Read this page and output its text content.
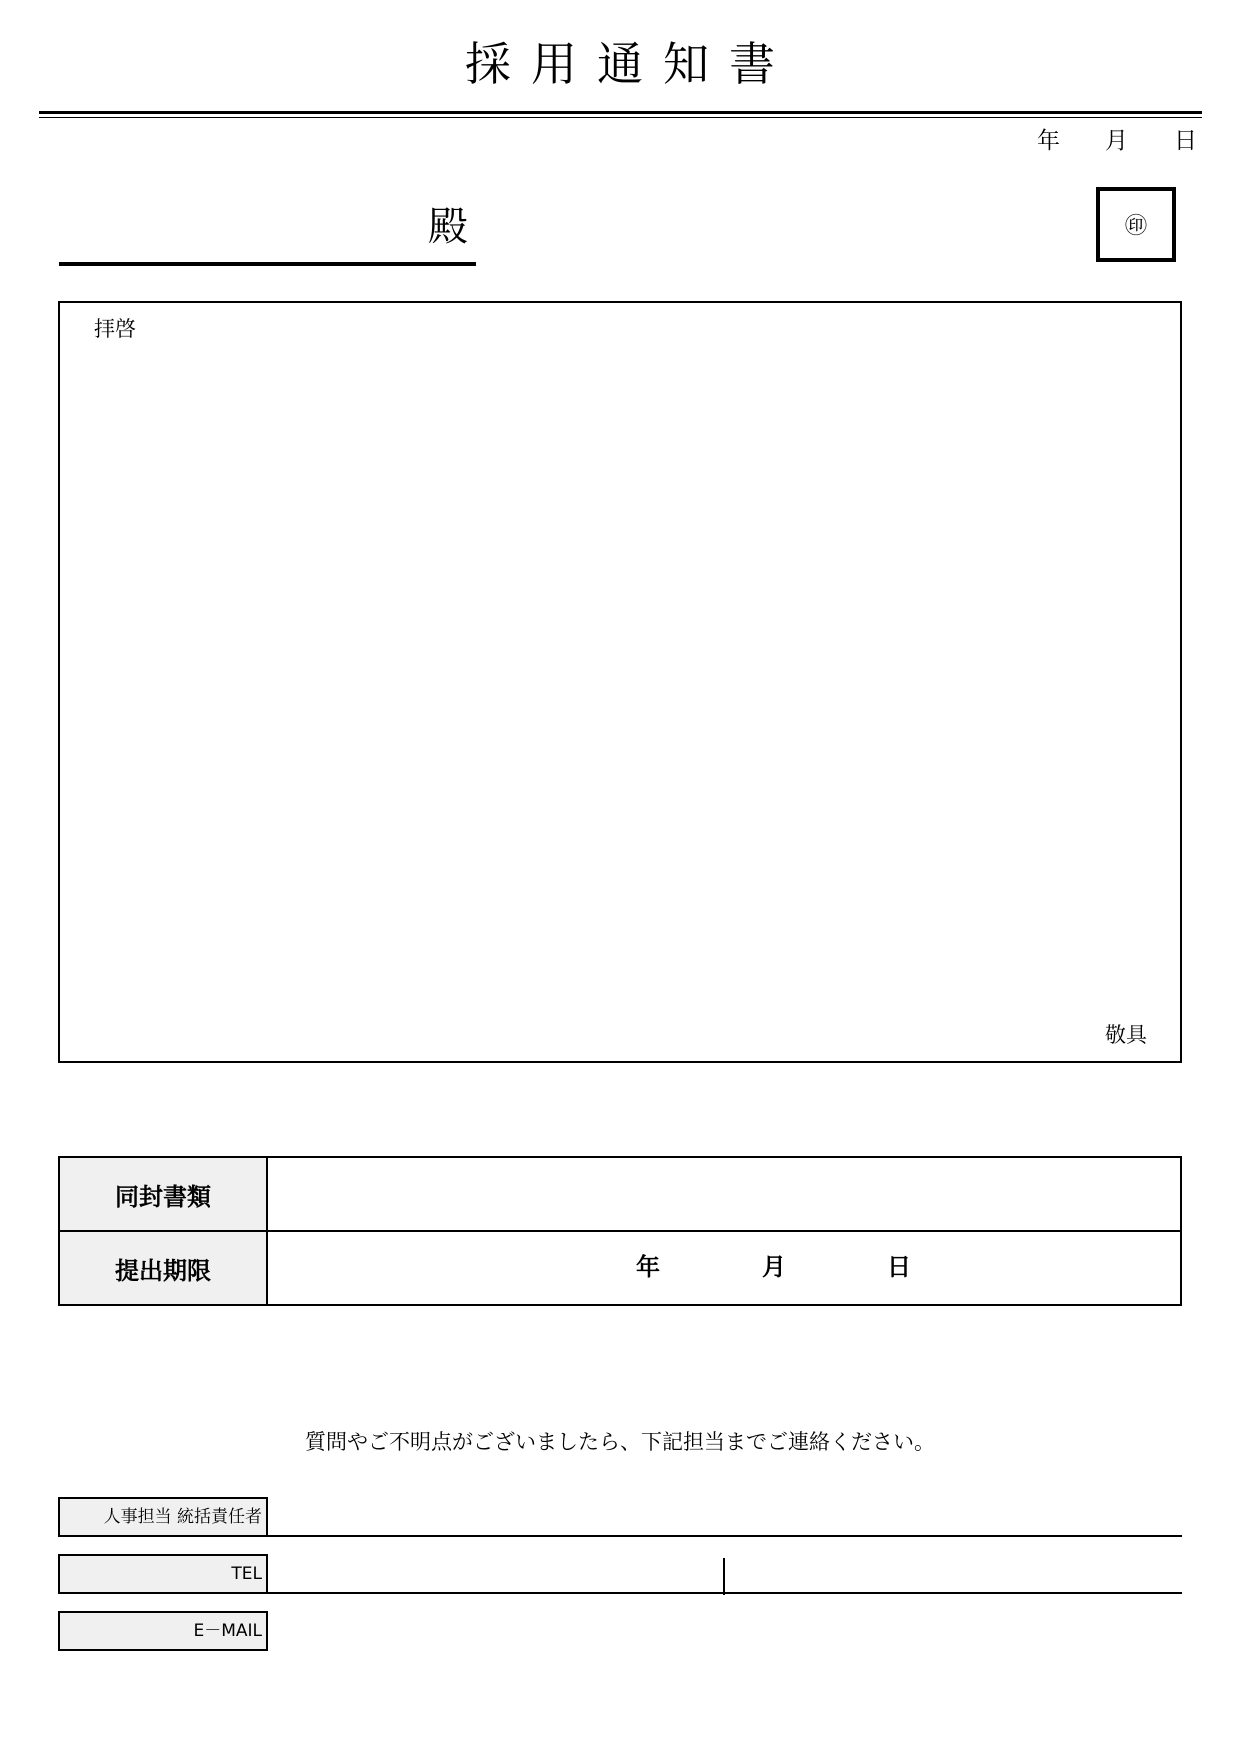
採用通知書
年 月 日
殿	㊞
拝啓
敬具
同封書類	
提出期限	年 月 日
質問やご不明点がございましたら、下記担当までご連絡ください。
人事担当 統括責任者
TEL
E－MAIL
